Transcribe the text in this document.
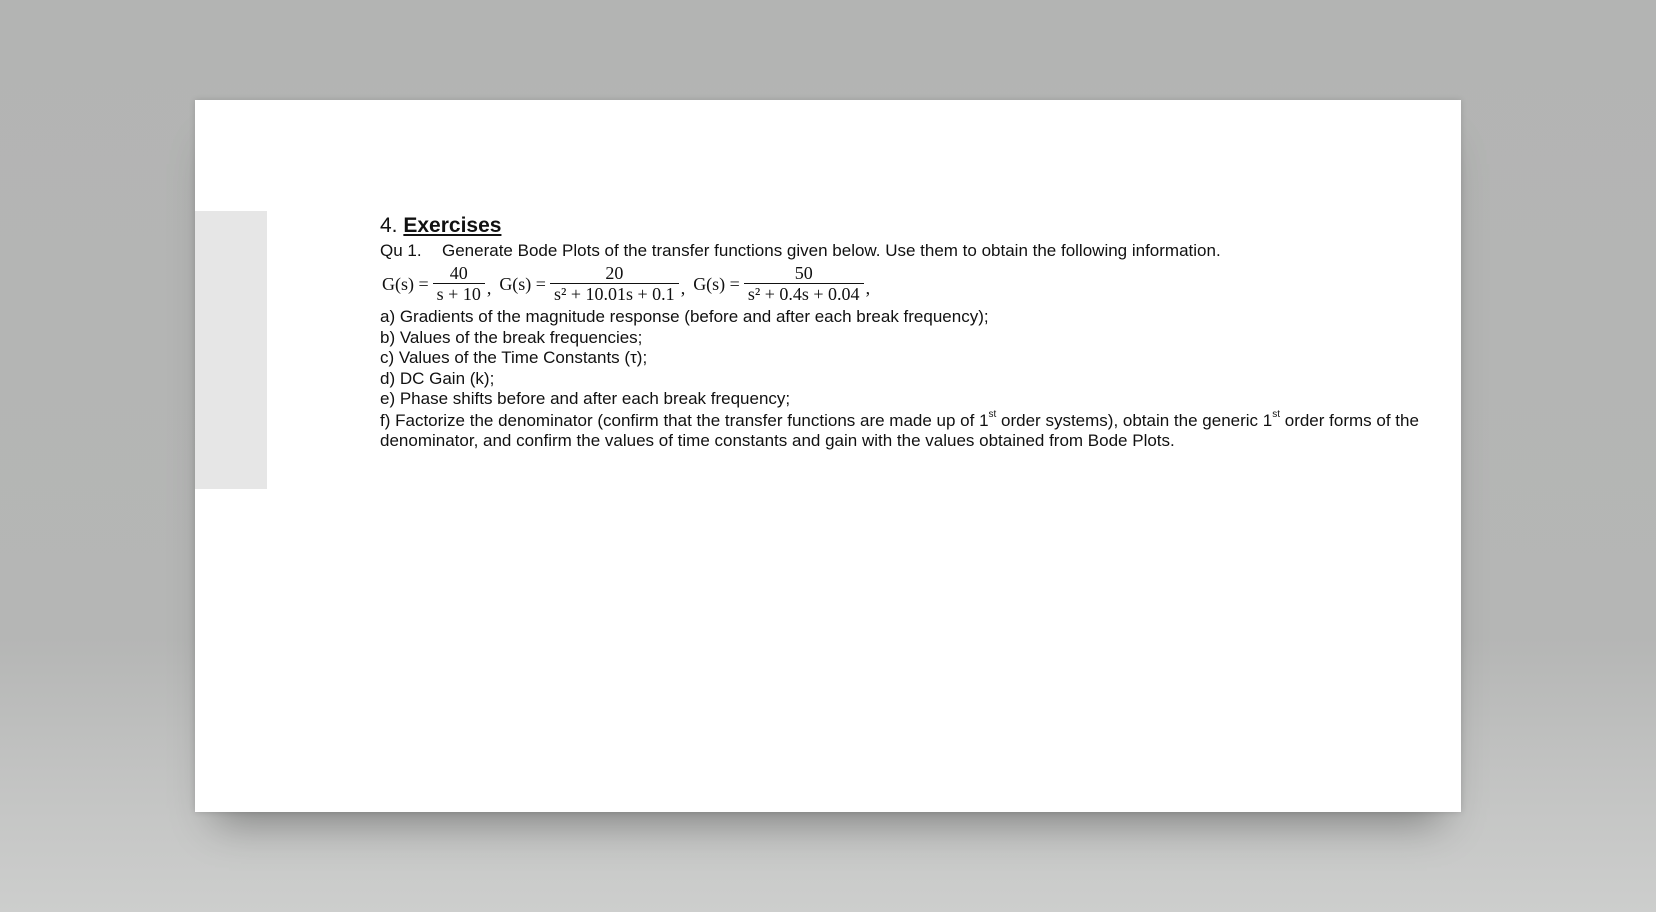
4. Exercises
Qu 1. Generate Bode Plots of the transfer functions given below. Use them to obtain the following information.
$G(s) = \frac{40}{s + 10}$ , $G(s) = \frac{20}{\text{s² + 10.01s + 0.1}}$ , $G(s) = \frac{50}{\text{s² + 0.4s + 0.04}}$ ,
a) Gradients of the magnitude response (before and after each break frequency);
b) Values of the break frequencies;
c) Values of the Time Constants (τ);
d) DC Gain (k);
e) Phase shifts before and after each break frequency;
f) Factorize the denominator (confirm that the transfer functions are made up of 1st order systems), obtain the generic 1st order forms of the denominator, and confirm the values of time constants and gain with the values obtained from Bode Plots.
